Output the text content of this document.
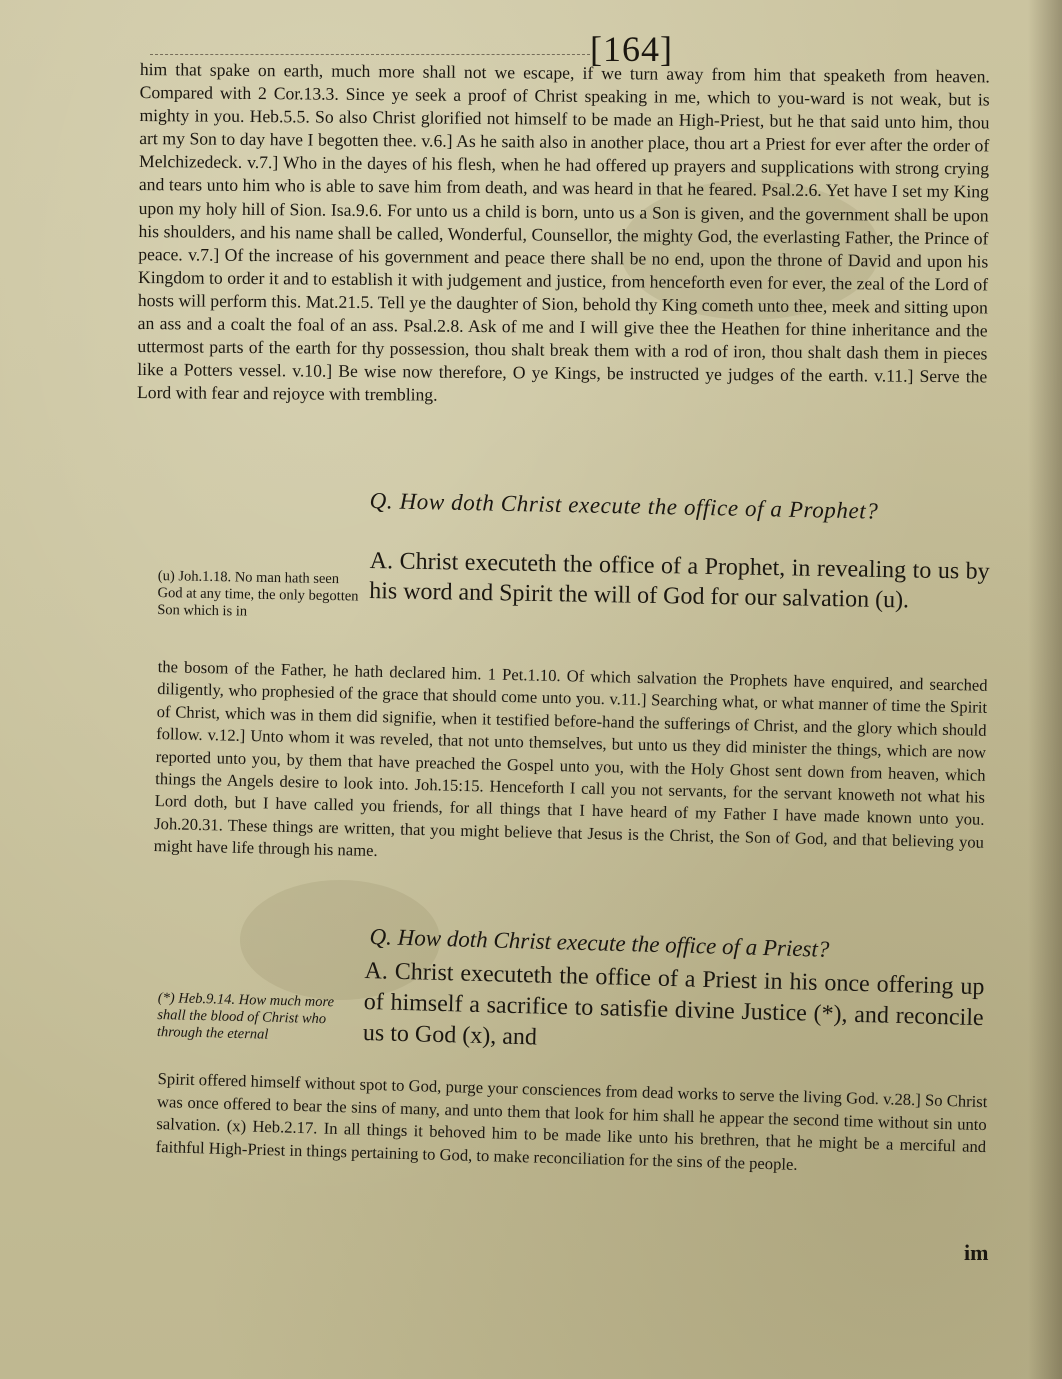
[164]

him that spake on earth, much more shall not we escape, if we turn away from him that speaketh from heaven. Compared with 2 Cor.13.3. Since ye seek a proof of Christ speaking in me, which to you-ward is not weak, but is mighty in you. Heb.5.5. So also Christ glorified not himself to be made an High-Priest, but he that said unto him, thou art my Son to day have I begotten thee. v.6.] As he saith also in another place, thou art a Priest for ever after the order of Melchizedeck. v.7.] Who in the dayes of his flesh, when he had offered up prayers and supplications with strong crying and tears unto him who is able to save him from death, and was heard in that he feared. Psal.2.6. Yet have I set my King upon my holy hill of Sion. Isa.9.6. For unto us a child is born, unto us a Son is given, and the government shall be upon his shoulders, and his name shall be called, Wonderful, Counsellor, the mighty God, the everlasting Father, the Prince of peace. v.7.] Of the increase of his government and peace there shall be no end, upon the throne of David and upon his Kingdom to order it and to establish it with judgement and justice, from henceforth even for ever, the zeal of the Lord of hosts will perform this. Mat.21.5. Tell ye the daughter of Sion, behold thy King cometh unto thee, meek and sitting upon an ass and a coalt the foal of an ass. Psal.2.8. Ask of me and I will give thee the Heathen for thine inheritance and the uttermost parts of the earth for thy possession, thou shalt break them with a rod of iron, thou shalt dash them in pieces like a Potters vessel. v.10.] Be wise now therefore, O ye Kings, be instructed ye judges of the earth. v.11.] Serve the Lord with fear and rejoyce with trembling.

Q. How doth Christ execute the office of a Prophet?

A. Christ executeth the office of a Prophet, in revealing to us by his word and Spirit the will of God for our salvation (u).

(u) Joh.1.18. No man hath seen God at any time, the only begotten Son which is in

the bosom of the Father, he hath declared him. 1 Pet.1.10. Of which salvation the Prophets have enquired, and searched diligently, who prophesied of the grace that should come unto you. v.11.] Searching what, or what manner of time the Spirit of Christ, which was in them did signifie, when it testified before-hand the sufferings of Christ, and the glory which should follow. v.12.] Unto whom it was reveled, that not unto themselves, but unto us they did minister the things, which are now reported unto you, by them that have preached the Gospel unto you, with the Holy Ghost sent down from heaven, which things the Angels desire to look into. Joh.15:15. Henceforth I call you not servants, for the servant knoweth not what his Lord doth, but I have called you friends, for all things that I have heard of my Father I have made known unto you. Joh.20.31. These things are written, that you might believe that Jesus is the Christ, the Son of God, and that believing you might have life through his name.

Q. How doth Christ execute the office of a Priest?

A. Christ executeth the office of a Priest in his once offering up of himself a sacrifice to satisfie divine Justice (*), and reconcile us to God (x), and

(*) Heb.9.14. How much more shall the blood of Christ who through the eternal

Spirit offered himself without spot to God, purge your consciences from dead works to serve the living God. v.28.] So Christ was once offered to bear the sins of many, and unto them that look for him shall he appear the second time without sin unto salvation. (x) Heb.2.17. In all things it behoved him to be made like unto his brethren, that he might be a merciful and faithful High-Priest in things pertaining to God, to make reconciliation for the sins of the people.

im
